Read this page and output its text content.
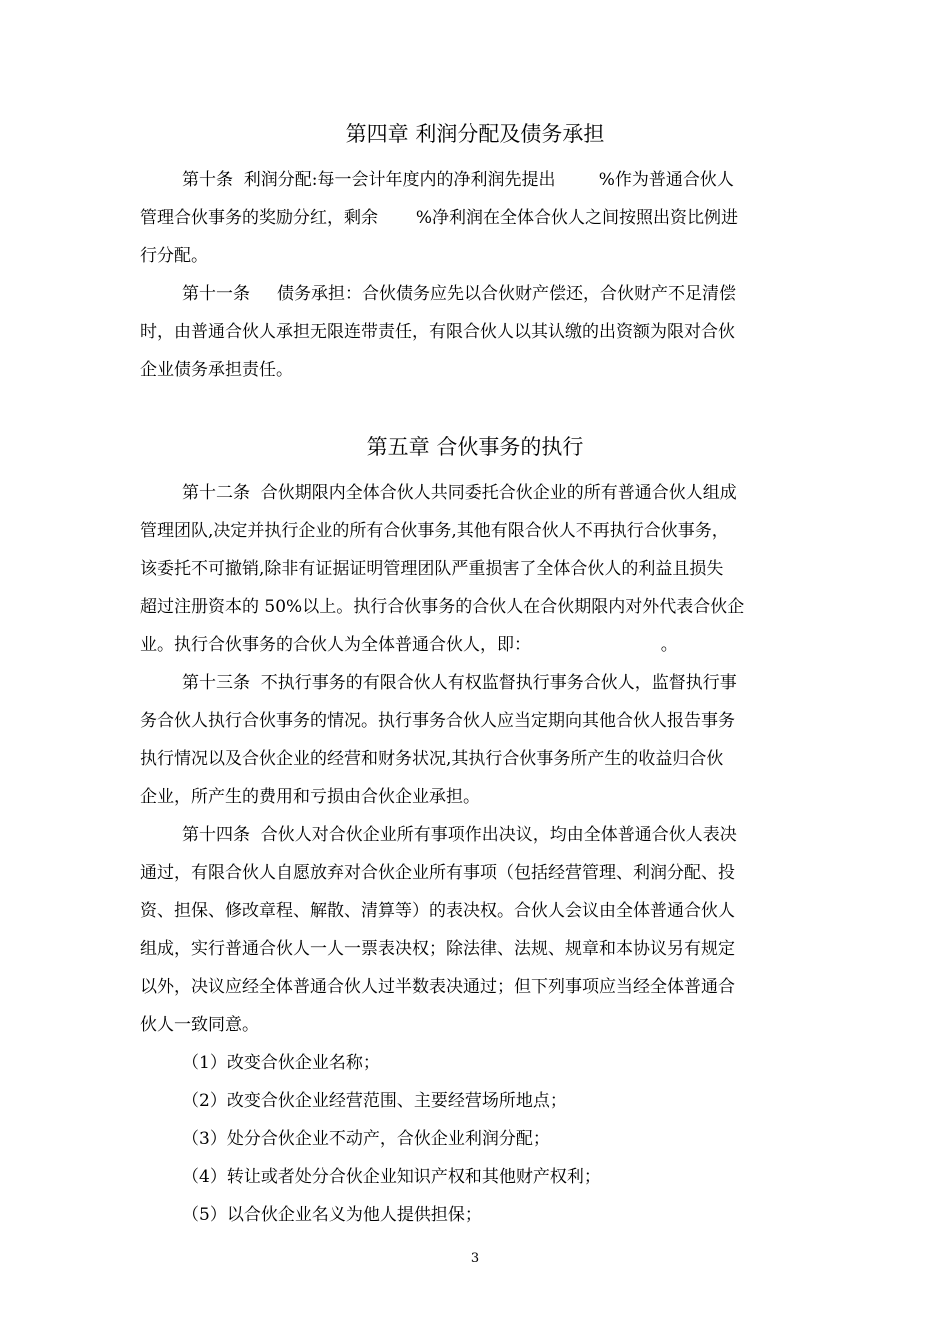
第四章 利润分配及债务承担

第十条  利润分配:每一会计年度内的净利润先提出        %作为普通合伙人

管理合伙事务的奖励分红，剩余       %净利润在全体合伙人之间按照出资比例进

行分配。

第十一条     债务承担：合伙债务应先以合伙财产偿还，合伙财产不足清偿

时，由普通合伙人承担无限连带责任，有限合伙人以其认缴的出资额为限对合伙

企业债务承担责任。

第五章 合伙事务的执行

第十二条  合伙期限内全体合伙人共同委托合伙企业的所有普通合伙人组成

管理团队,决定并执行企业的所有合伙事务,其他有限合伙人不再执行合伙事务，

该委托不可撤销,除非有证据证明管理团队严重损害了全体合伙人的利益且损失

超过注册资本的 50%以上。执行合伙事务的合伙人在合伙期限内对外代表合伙企

业。执行合伙事务的合伙人为全体普通合伙人，即：                        。

第十三条  不执行事务的有限合伙人有权监督执行事务合伙人，监督执行事

务合伙人执行合伙事务的情况。执行事务合伙人应当定期向其他合伙人报告事务

执行情况以及合伙企业的经营和财务状况,其执行合伙事务所产生的收益归合伙

企业，所产生的费用和亏损由合伙企业承担。

第十四条  合伙人对合伙企业所有事项作出决议，均由全体普通合伙人表决

通过，有限合伙人自愿放弃对合伙企业所有事项（包括经营管理、利润分配、投

资、担保、修改章程、解散、清算等）的表决权。合伙人会议由全体普通合伙人

组成，实行普通合伙人一人一票表决权；除法律、法规、规章和本协议另有规定

以外，决议应经全体普通合伙人过半数表决通过；但下列事项应当经全体普通合

伙人一致同意。

（1）改变合伙企业名称；

（2）改变合伙企业经营范围、主要经营场所地点；

（3）处分合伙企业不动产，合伙企业利润分配；

（4）转让或者处分合伙企业知识产权和其他财产权利；

（5）以合伙企业名义为他人提供担保；

3
